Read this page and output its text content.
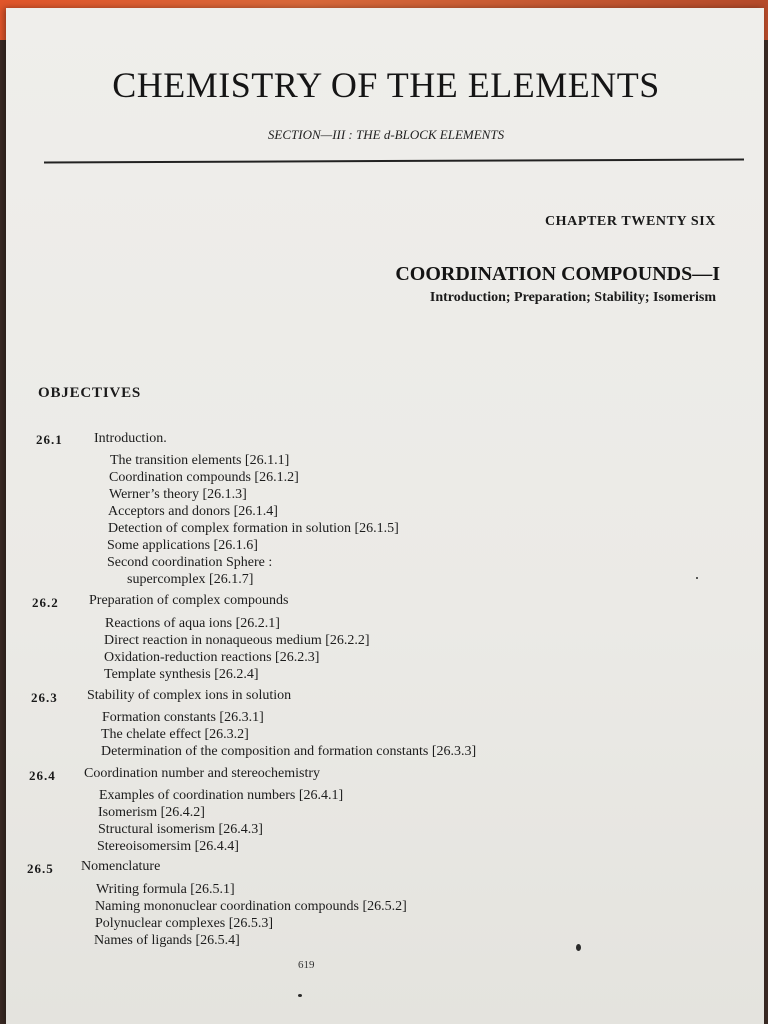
CHEMISTRY OF THE ELEMENTS
SECTION—III : THE d-BLOCK ELEMENTS
CHAPTER TWENTY SIX
COORDINATION COMPOUNDS—I
Introduction; Preparation; Stability; Isomerism
OBJECTIVES
26.1 Introduction.
The transition elements [26.1.1]
Coordination compounds [26.1.2]
Werner’s theory [26.1.3]
Acceptors and donors [26.1.4]
Detection of complex formation in solution [26.1.5]
Some applications [26.1.6]
Second coordination Sphere :
supercomplex [26.1.7]
26.2 Preparation of complex compounds
Reactions of aqua ions [26.2.1]
Direct reaction in nonaqueous medium [26.2.2]
Oxidation-reduction reactions [26.2.3]
Template synthesis [26.2.4]
26.3 Stability of complex ions in solution
Formation constants [26.3.1]
The chelate effect [26.3.2]
Determination of the composition and formation constants [26.3.3]
26.4 Coordination number and stereochemistry
Examples of coordination numbers [26.4.1]
Isomerism [26.4.2]
Structural isomerism [26.4.3]
Stereoisomersim [26.4.4]
26.5 Nomenclature
Writing formula [26.5.1]
Naming mononuclear coordination compounds [26.5.2]
Polynuclear complexes [26.5.3]
Names of ligands [26.5.4]
619
